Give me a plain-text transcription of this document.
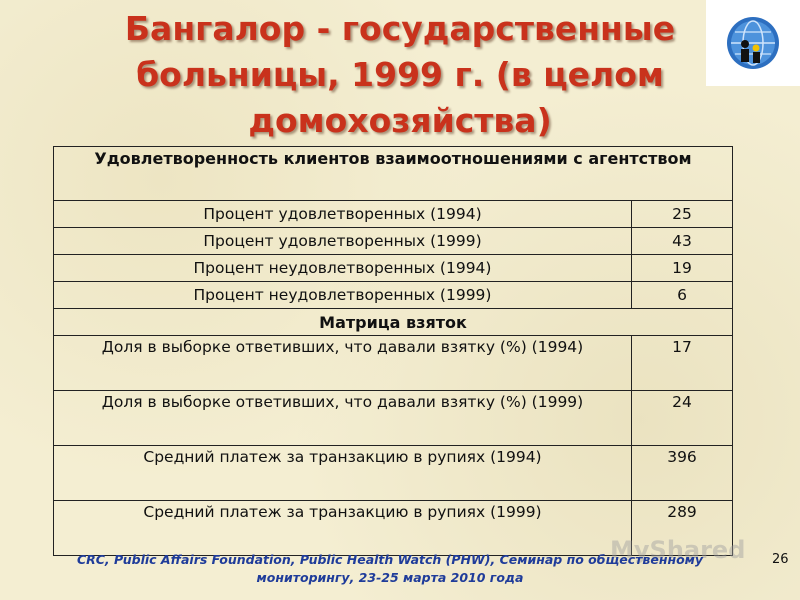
Бангалор - государственные больницы, 1999 г. (в целом домохозяйства)
Удовлетворенность клиентов взаимоотношениями с агентством	
Процент удовлетворенных (1994)	25
Процент удовлетворенных (1999)	43
Процент неудовлетворенных (1994)	19
Процент неудовлетворенных (1999)	6
Матрица взяток	
Доля в выборке ответивших, что давали взятку (%) (1994)	17
Доля в выборке ответивших, что давали взятку (%) (1999)	24
Средний платеж за транзакцию в рупиях (1994)	396
Средний платеж за транзакцию в рупиях (1999)	289
MyShared
CRC, Public Affairs Foundation, Public Health Watch (PHW), Семинар по общественному мониторингу, 23-25 марта 2010 года
26
